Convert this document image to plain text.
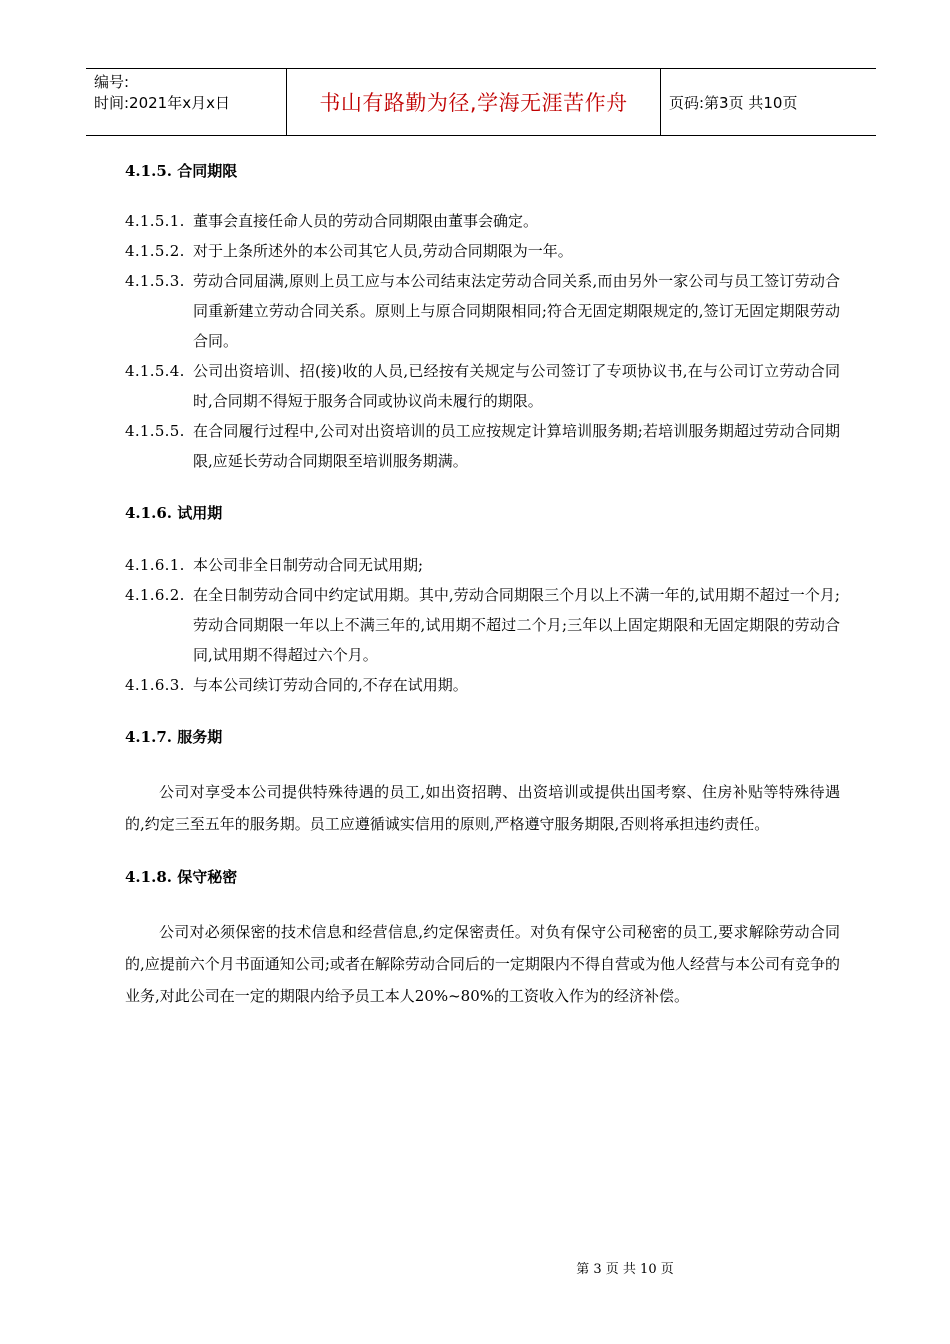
编号:
时间:2021年x月x日	书山有路勤为径,学海无涯苦作舟	页码:第3页 共10页

4.1.5. 合同期限

4.1.5.1. 董事会直接任命人员的劳动合同期限由董事会确定。
4.1.5.2. 对于上条所述外的本公司其它人员,劳动合同期限为一年。
4.1.5.3. 劳动合同届满,原则上员工应与本公司结束法定劳动合同关系,而由另外一家公司与员工签订劳动合同重新建立劳动合同关系。原则上与原合同期限相同;符合无固定期限规定的,签订无固定期限劳动合同。
4.1.5.4. 公司出资培训、招(接)收的人员,已经按有关规定与公司签订了专项协议书,在与公司订立劳动合同时,合同期不得短于服务合同或协议尚未履行的期限。
4.1.5.5. 在合同履行过程中,公司对出资培训的员工应按规定计算培训服务期;若培训服务期超过劳动合同期限,应延长劳动合同期限至培训服务期满。

4.1.6. 试用期

4.1.6.1. 本公司非全日制劳动合同无试用期;
4.1.6.2. 在全日制劳动合同中约定试用期。其中,劳动合同期限三个月以上不满一年的,试用期不超过一个月;劳动合同期限一年以上不满三年的,试用期不超过二个月;三年以上固定期限和无固定期限的劳动合同,试用期不得超过六个月。
4.1.6.3. 与本公司续订劳动合同的,不存在试用期。

4.1.7. 服务期

公司对享受本公司提供特殊待遇的员工,如出资招聘、出资培训或提供出国考察、住房补贴等特殊待遇的,约定三至五年的服务期。员工应遵循诚实信用的原则,严格遵守服务期限,否则将承担违约责任。

4.1.8. 保守秘密

公司对必须保密的技术信息和经营信息,约定保密责任。对负有保守公司秘密的员工,要求解除劳动合同的,应提前六个月书面通知公司;或者在解除劳动合同后的一定期限内不得自营或为他人经营与本公司有竞争的业务,对此公司在一定的期限内给予员工本人20%~80%的工资收入作为的经济补偿。

第 3 页 共 10 页
